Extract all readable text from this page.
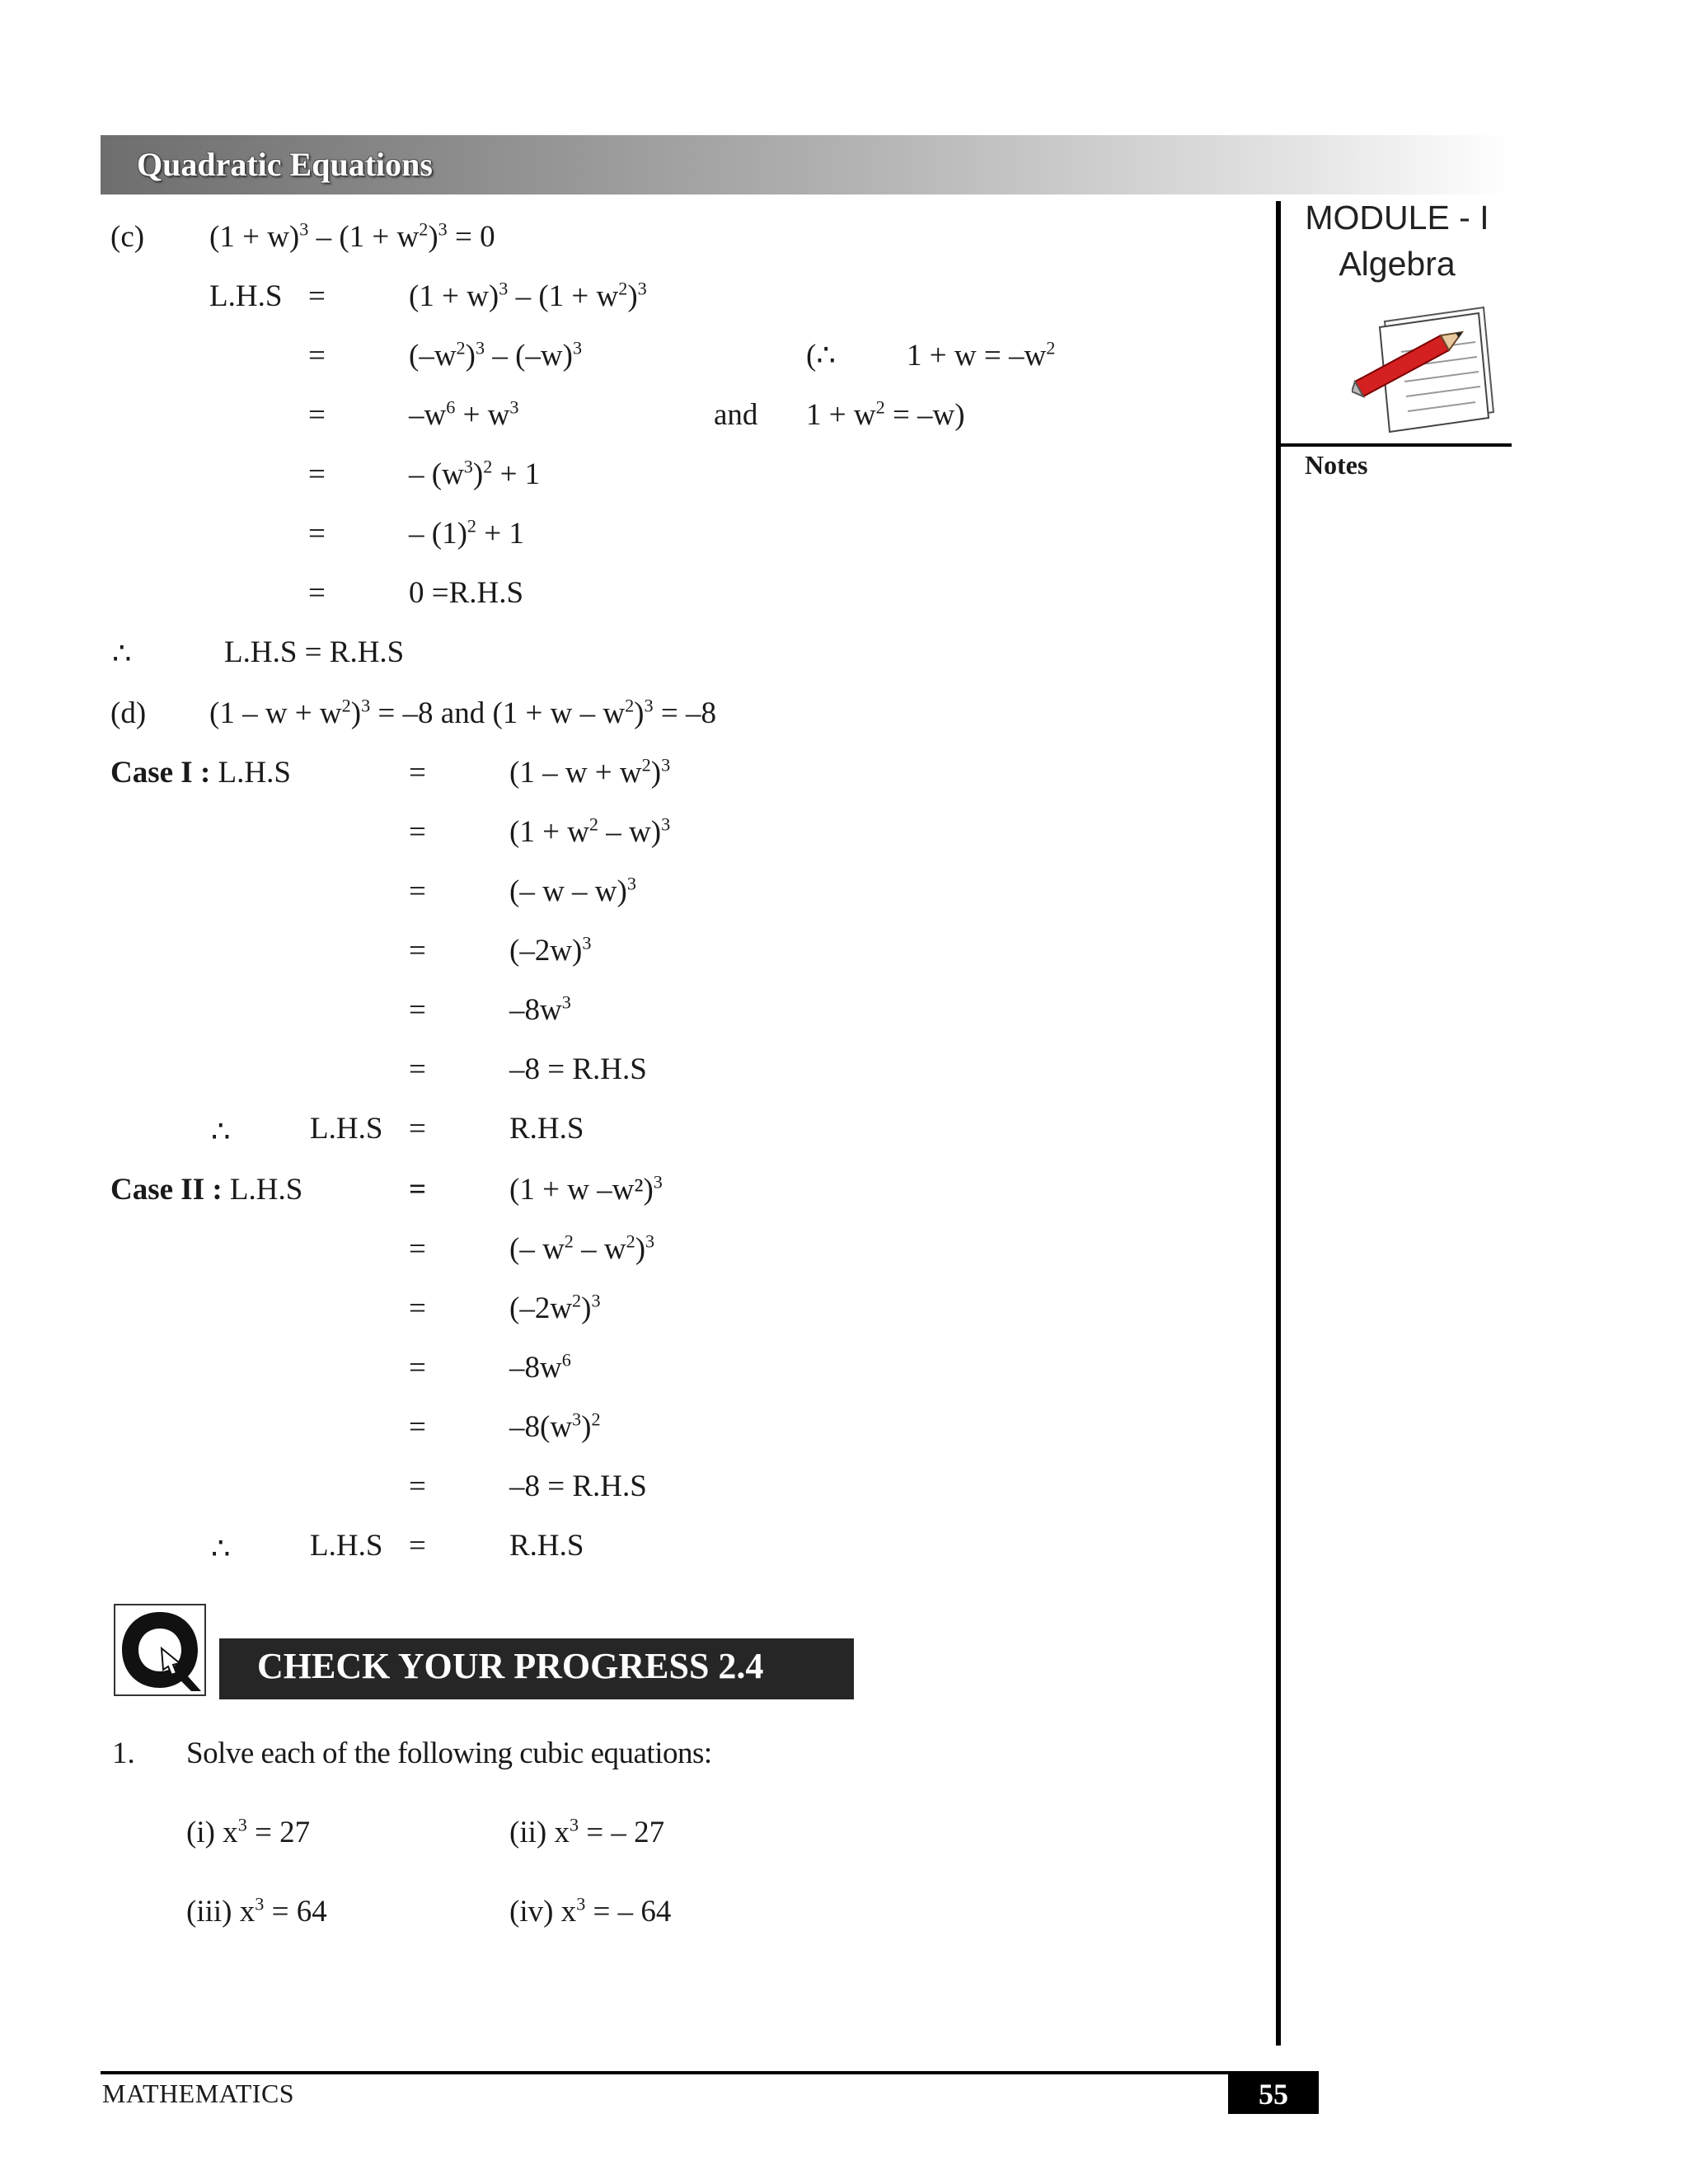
Quadratic Equations
MODULE - I
Algebra
Notes
(c) $(1 + w)^3 - (1 + w^2)^3 = 0$
L.H.S =	$(1 + w)^3 - (1 + w^2)^3$
=	$(-w^2)^3 - (-w)^3$	(∴ $1 + w = -w^2$
=	$-w^6 + w^3$	and $1 + w^2 = -w$)
=	– $(w^3)^2 + 1$
=	– $(1)^2 + 1$
=	0 =R.H.S
∴	L.H.S = R.H.S
(d) $(1 - w + w^2)^3 = -8$ and $(1 + w - w^2)^3 = -8$
Case I : L.H.S	=	$(1 - w + w^2)^3$
=	$(1 + w^2 - w)^3$
=	(– w – w)$^3$
=	$(-2w)^3$
=	$-8w^3$
=	–8 = R.H.S
∴	L.H.S =	R.H.S
Case II : L.H.S	=	(1 + w –w²)$^3$
=	(– $w^2 - w^2)^3$
=	$(-2w^2)^3$
=	$-8w^6$
=	$-8(w^3)^2$
=	–8 = R.H.S
∴	L.H.S =	R.H.S
CHECK YOUR PROGRESS 2.4
1. Solve each of the following cubic equations:
(i) $x^3 = 27$	(ii) $x^3$ = – 27
(iii) $x^3 = 64$	(iv) $x^3$ = – 64
MATHEMATICS	55
